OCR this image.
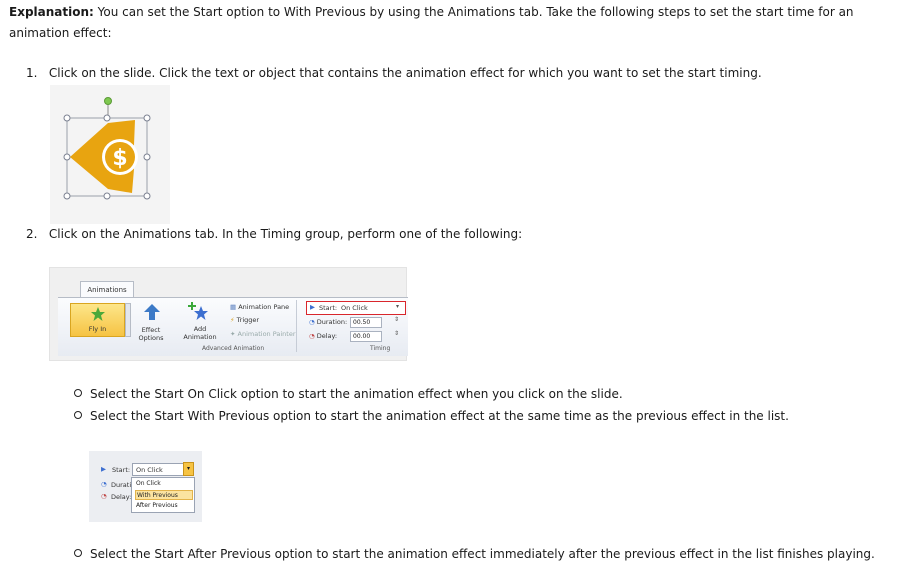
Explanation: You can set the Start option to With Previous by using the Animations tab. Take the following steps to set the start time for an animation effect:
1. Click on the slide. Click the text or object that contains the animation effect for which you want to set the start timing.
$
2. Click on the Animations tab. In the Timing group, perform one of the following:
Animations
Fly In	Effect
Options
Add
Animation
▦ Animation Pane
⚡ Trigger
✦ Animation Painter
Advanced Animation
▶ Start: On Click	▾
◔ Duration: 00.50	⇕
◔ Delay:	00.00	⇕
Timing
Select the Start On Click option to start the animation effect when you click on the slide.
Select the Start With Previous option to start the animation effect at the same time as the previous effect in the list.
▶ Start: On Click	▾
◔ Durati
◔ Delay:
On Click
With Previous
After Previous
Select the Start After Previous option to start the animation effect immediately after the previous effect in the list finishes playing.
